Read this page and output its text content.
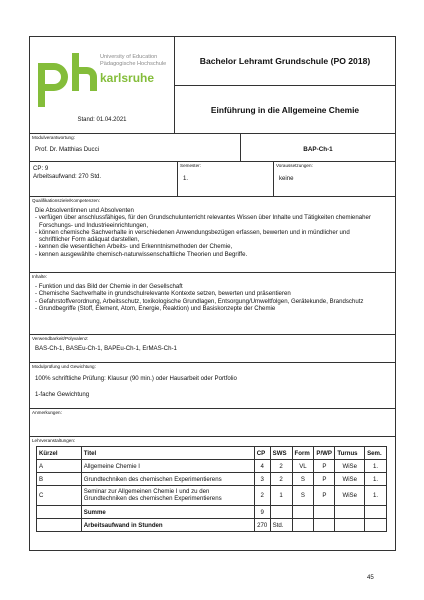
University of Education
Pädagogische Hochschule
karlsruhe
Stand: 01.04.2021
Bachelor Lehramt Grundschule (PO 2018)
Einführung in die Allgemeine Chemie
Modulverantwortung:
Prof. Dr. Matthias Ducci	BAP-Ch-1
CP: 9
Arbeitsaufwand: 270 Std.
Semester:
1.
Voraussetzungen:
keine
Qualifikationsziele/Kompetenzen:
Die Absolventinnen und Absolventen
- verfügen über anschlussfähiges, für den Grundschulunterricht relevantes Wissen über Inhalte und Tätigkeiten chemienaher
Forschungs- und Industrieeinrichtungen,
- können chemische Sachverhalte in verschiedenen Anwendungsbezügen erfassen, bewerten und in mündlicher und
schriftlicher Form adäquat darstellen,
- kennen die wesentlichen Arbeits- und Erkenntnismethoden der Chemie,
- kennen ausgewählte chemisch-naturwissenschaftliche Theorien und Begriffe.
Inhalte:
- Funktion und das Bild der Chemie in der Gesellschaft
- Chemische Sachverhalte in grundschulrelevante Kontexte setzen, bewerten und präsentieren
- Gefahrstoffverordnung, Arbeitsschutz, toxikologische Grundlagen, Entsorgung/Umweltfolgen, Gerätekunde, Brandschutz
- Grundbegriffe (Stoff, Element, Atom, Energie, Reaktion) und Basiskonzepte der Chemie
Verwendbarkeit/Polyvalenz:
BAS-Ch-1, BASEu-Ch-1, BAPEu-Ch-1, ErMAS-Ch-1
Modulprüfung und Gewichtung:
100% schriftliche Prüfung: Klausur (90 min.) oder Hausarbeit oder Portfolio
1-fache Gewichtung
Anmerkungen:
Lehrveranstaltungen:
Kürzel	Titel	CP	SWS	Form	P/WP	Turnus	Sem.
A	Allgemeine Chemie I	4	2	VL	P	WiSe	1.
B	Grundtechniken des chemischen Experimentierens	3	2	S	P	WiSe	1.
C	Seminar zur Allgemeinen Chemie I und zu den Grundtechniken des chemischen Experimentierens	2	1	S	P	WiSe	1.
	Summe	9					
	Arbeitsaufwand in Stunden	270	Std.				
45
